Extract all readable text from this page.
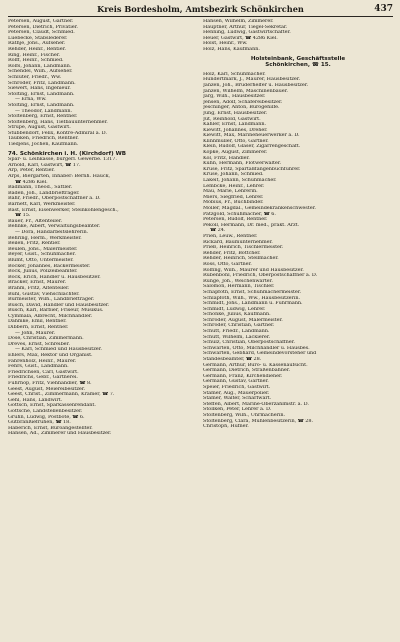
Kreis Bordesholm, Amtsbezirk Schönkirchen	437
Petersen, August, Gärtner.
Petersen, Dietrich, Privatier.
Petersen, Claudt, Schmied.
Luebecke, Stabslederer.
Rathje, Johs., Aufseher.
Rehder, Heinr., Rentier.
Ring, Heinr., Fischer.
Rolff, Heinr., Schmied.
Rolfs, Johann, Landmann.
Schendel, Wilh., Aufseher.
Schlüter, Friedr., Ww.
Schröder, Fritz, Landmann.
Siewert, Hans, Ingenieur.
Stölting, Ernst, Landmann.
— Erna, Ww.
Stölting, Ernst, Landmann.
— Theodor, Landmann.
Stoltenberg, Ernst, Rentner.
Stoltenberg, Hans, Tiefbauunternehmer.
Strupe, August, Gastwirt.
Stubbendorf, Felix, Kontre-Admiral a. D.
Taubken, Friedrich, Rentner.
Tiedjens, Jochen, Kaufmann.
74. Schönkirchen i. H. (Kirchdorf) WB
Spar- u. Leihkasse, bürgerl. Gewerbe. 1317.
Arnold, Karl, Gastwirt, ☎ 17.
Arp, Peter, Rentier.
Arps, Biergarten, Inhaber: Bernh. Hauck,
☎ 4286 Kiel.
Badmann, Theod., Sattler.
Baden, Joh., Landbriefträger.
Bähr, Friedr., Oberpostschaffner a. D.
Barnett, Karl, Werkmeister.
Bast, Ernst, Eisenwerker, Steinkohlengesch.,
☎ 15.
Bauer, Fr., Altenteiler.
Behnke, Albert, Verwaltungsbeamter.
— Dora, Handarbeitslehrerin.
Behring, Herm., Werkmeister.
Beilen, Fritz, Rentier.
Beulen, Johs., Malermeister.
Beyer, Gust., Schuhmacher.
Blumt, Otto, Untermeister.
Böcker, Johannes, Bäckermeister.
Bock, Julius, Polizeibeamter.
Bock, Erich, Händler u. Hausbesitzer.
Bracker, Ernst, Maurer.
Brahm, Fritz, Altenteiler.
Bühl, Gustav, Viehschlächter.
Burmeister, Wilh., Landbriefträger.
Busch, David, Händler und Hausbesitzer.
Busch, Karl, Barbier, Friseur, Musikus.
Cymmala, Albrecht, Milchhändler.
Dahmke, Emil, Rentner.
Dibbern, Ernst, Rentner.
— John, Maurer.
Dose, Christian, Zimmermann.
Dreves, Ernst, Schreiber.
— Karl, Schmied und Hausbesitzer.
Ehlers, Max, Rektor und Organist.
Fahrenholz, Heinr., Maurer.
Fehrs, Gust., Landmann.
Friedrichsen, Carl, Gastwirt.
Friedrichs, Gebr., Gärtnerei.
Fuhrhop, Fritz, Viehhändler, ☎ 8.
Geest, August, Meiereibesitzer.
Geest, Christ., Zimmermann, Krämer, ☎ 7.
Gehl, Hans, Landwirt.
Göttsch, Ernst, Sparkassenrendant.
Göttsche, Landstellenbesitzer.
Gruhn, Ludwig, Postbote, ☎ 6.
Gutbranßiefruhen, ☎ 18.
Haberich, Ernst, Büroangestellter.
Hansen, Ad., Zimmerer und Hausbesitzer.
Hansen, Wilhelm, Zimmerer.
Hauptner, Arthur, Tiegel-Sekretär.
Henning, Ludwig, Gastwirtschafter.
Heuer, Gastwirt, ☎ 4286 Kiel.
Holst, Heinr., Ww.
Holz, Hans, Kaufmann.
Holsteinbank, Geschäftsstelle
Schönkirchen, ☎ 15.
Holz, Karl, Schuhmacher.
Hundertmark, J., Maurer, Hausbesitzer.
Janzen, Joh., Brüderhelfer u. Hausbesitzer.
Janzen, Wilhelm, Maschinenbauer.
Jarg, Wilh., Hausbesitzer.
Jensen, Adolf, Schäfereibesitzer.
Jeschinger, Anton, Bürogehilfe.
Jung, Ernst, Hausbesitzer.
Jüt, Reinhold, Gastwirt.
Kähler, Ernst, Landmann.
Kiewitt, Johannes, Dreher.
Kiewitt, Max, Marineheuerwerker a. D.
Klinnmüller, Otto, Gärtner.
Klein, Rudolf, Glaser, Zigarrengeschäft.
Köpke, August, Zimmerer.
Kol, Fritz, Händler.
Kuhn, Hermann, Flotwerwalter.
Kruse, Fritz, Spartaßfangenbuchführer.
Kruse, Johann, Schmied.
Lakeit, Johann, Schuhmacher.
Lembcke, Heinr., Lehrer.
Mau, Marie, Lehrerin.
Miers, Siegfried, Lehrer.
Möbius, Fr., Buchbinder.
Möller, Magdal., Gemeindekrankenschwester.
Patzgold, Schuhmacher, ☎ 6.
Petersen, Rudolf, Rentner.
Pekoll, Hermann, Dr. med., prakt. Arzt.
☎ 24.
Prien, Leuw., Rentner.
Rickard, Baumunternehmer.
Prieß, Heinrich, Tischlermeister.
Rehder, Fritz, Böttcher.
Rehder, Heinrich, Stellmacher.
Ross, Otto, Gärtner.
Rolfing, Wilh., Maurer und Hausbesitzer.
Rubenbohl, Friedrich, Oberpostschaffner a. D.
Runge, Joh., Weichenwärter.
Salomon, Hermann, Tischler.
Schapfoth, Ernst, Schuhmachermeister.
Schlapfoth, Wilh., Ww., Hausbesitzerin.
Schmidt, Johs., Landmann u. Fuhrmann.
Schmidt, Ludwig, Lehrer.
Schönke, Julius, Kaufmann.
Schröder, August, Malermeister.
Schröder, Christian, Gärtner.
Schütt, Friedr., Landmann.
Schütt, Wilhelm, Lackierer.
Schulz, Christian, Oberpostschaffner.
Schwarten, Otto, Milchhändler u. Hausbes.
Schwarten, Gebhard, Gemeindevorsteher und
Standesbeamter, ☎ 28.
Germann, Arthur, Büro- u. Kassenaufsicht.
Germann, Dietrich, Straßenbahner.
Germann, Franz, Kirchendiener.
Germann, Gustav, Gärtner.
Speier, Friedrich, Gastwirt.
Stamer, Aug., Mauerpolier.
Stamer, Walter, Scharfwart.
Steffen, Albert, Marine-Oberzahlmstr. a. D.
Stöllken, Peter, Lehrer a. D.
Stoltenberg, Wilh., Uhrmacherin.
Stoltenberg, Clara, Mühlenbesitzerin, ☎ 28.
Christoph, Hufner.
